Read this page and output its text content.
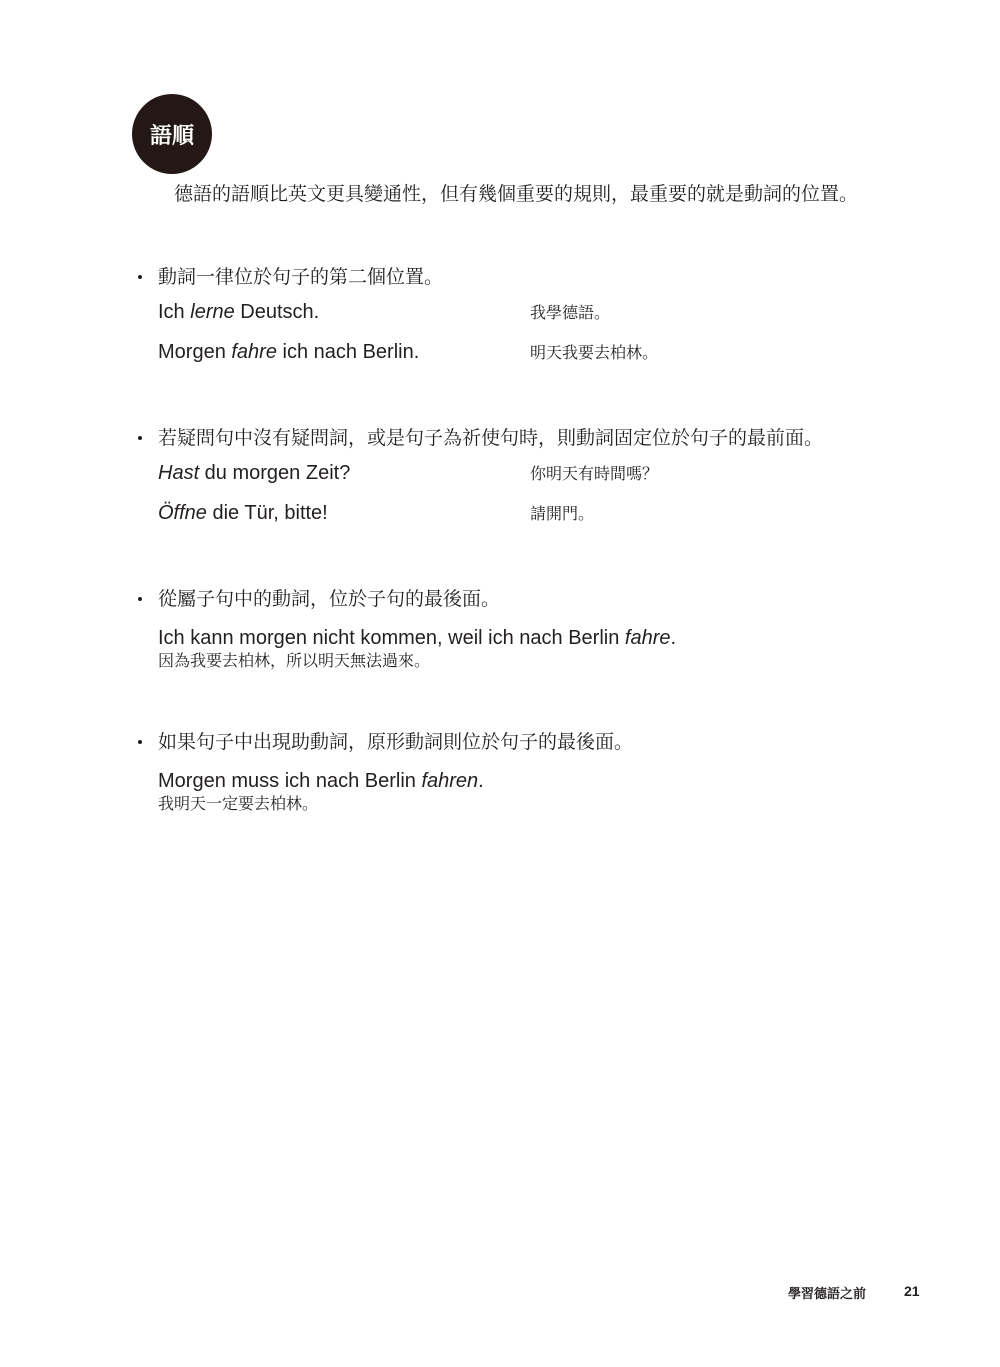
語順
德語的語順比英文更具變通性，但有幾個重要的規則，最重要的就是動詞的位置。
動詞一律位於句子的第二個位置。
Ich lerne Deutsch.	我學德語。
Morgen fahre ich nach Berlin.	明天我要去柏林。
若疑問句中沒有疑問詞，或是句子為祈使句時，則動詞固定位於句子的最前面。
Hast du morgen Zeit?	你明天有時間嗎？
Öffne die Tür, bitte!	請開門。
從屬子句中的動詞，位於子句的最後面。
Ich kann morgen nicht kommen, weil ich nach Berlin fahre.
因為我要去柏林，所以明天無法過來。
如果句子中出現助動詞，原形動詞則位於句子的最後面。
Morgen muss ich nach Berlin fahren.
我明天一定要去柏林。
學習德語之前	21
